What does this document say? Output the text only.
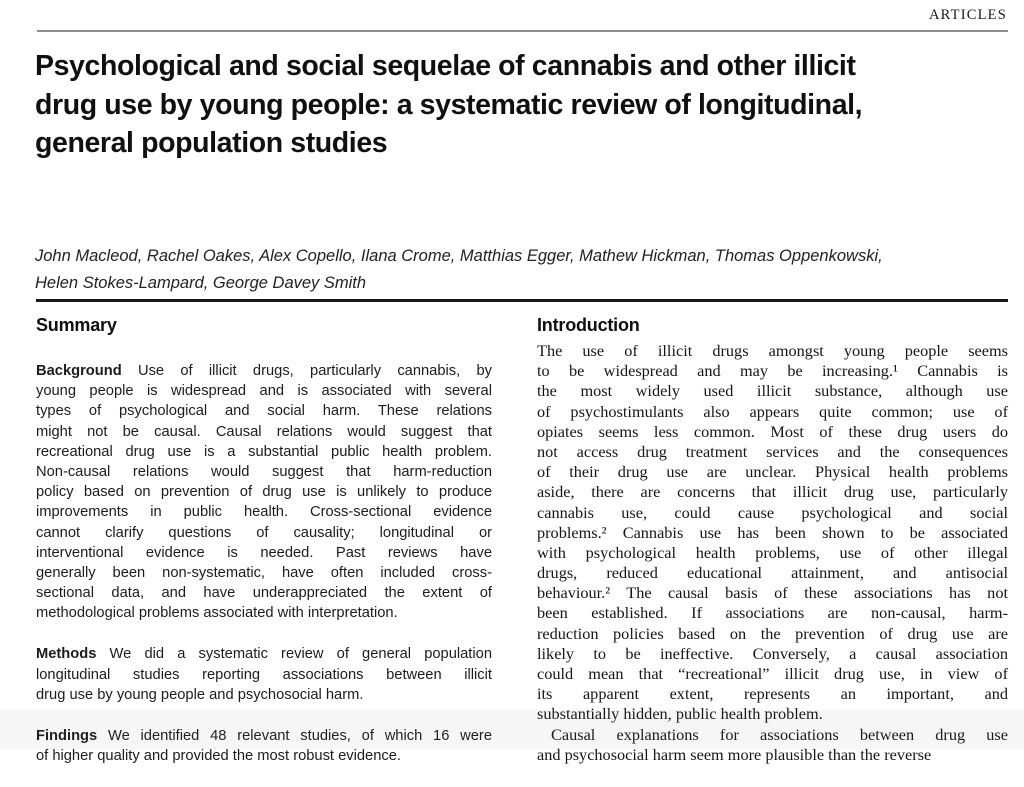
ARTICLES
Psychological and social sequelae of cannabis and other illicit
drug use by young people: a systematic review of longitudinal,
general population studies
John Macleod, Rachel Oakes, Alex Copello, Ilana Crome, Matthias Egger, Mathew Hickman, Thomas Oppenkowski,
Helen Stokes-Lampard, George Davey Smith
Summary
Background Use of illicit drugs, particularly cannabis, by
young people is widespread and is associated with several
types of psychological and social harm. These relations
might not be causal. Causal relations would suggest that
recreational drug use is a substantial public health problem.
Non-causal relations would suggest that harm-reduction
policy based on prevention of drug use is unlikely to produce
improvements in public health. Cross-sectional evidence
cannot clarify questions of causality; longitudinal or
interventional evidence is needed. Past reviews have
generally been non-systematic, have often included cross-
sectional data, and have underappreciated the extent of
methodological problems associated with interpretation.
Methods We did a systematic review of general population
longitudinal studies reporting associations between illicit
drug use by young people and psychosocial harm.
Findings We identified 48 relevant studies, of which 16 were
of higher quality and provided the most robust evidence.
Introduction
The use of illicit drugs amongst young people seems
to be widespread and may be increasing.¹ Cannabis is
the most widely used illicit substance, although use
of psychostimulants also appears quite common; use of
opiates seems less common. Most of these drug users do
not access drug treatment services and the consequences
of their drug use are unclear. Physical health problems
aside, there are concerns that illicit drug use, particularly
cannabis use, could cause psychological and social
problems.² Cannabis use has been shown to be associated
with psychological health problems, use of other illegal
drugs, reduced educational attainment, and antisocial
behaviour.² The causal basis of these associations has not
been established. If associations are non-causal, harm-
reduction policies based on the prevention of drug use are
likely to be ineffective. Conversely, a causal association
could mean that “recreational” illicit drug use, in view of
its apparent extent, represents an important, and
substantially hidden, public health problem.
Causal explanations for associations between drug use
and psychosocial harm seem more plausible than the reverse
